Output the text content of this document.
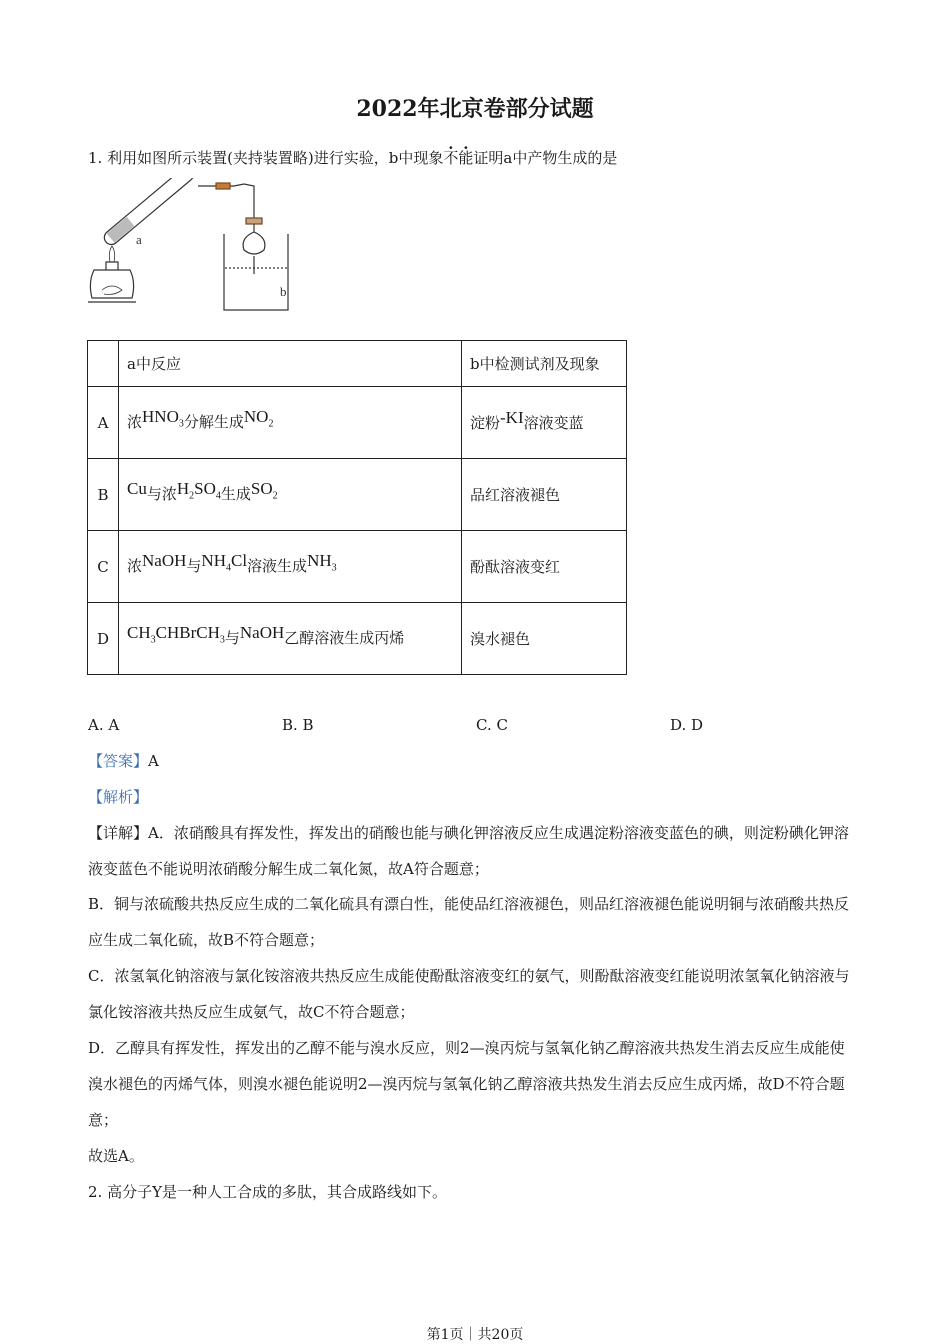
2022年北京卷部分试题
1. 利用如图所示装置(夹持装置略)进行实验，b中现象不能证明a中产物生成的是
a
b
	a中反应	b中检测试剂及现象
A	浓$HNO_3$分解生成$NO_2$	淀粉-KI溶液变蓝
B	Cu与浓$H_2SO_4$生成$SO_2$	品红溶液褪色
C	浓NaOH与$NH_4Cl$溶液生成$NH_3$	酚酞溶液变红
D	$CH_3CHBrCH_3$与NaOH乙醇溶液生成丙烯	溴水褪色
A. A	B. B	C. C	D. D
【答案】A
【解析】
【详解】A．浓硝酸具有挥发性，挥发出的硝酸也能与碘化钾溶液反应生成遇淀粉溶液变蓝色的碘，则淀粉碘化钾溶液变蓝色不能说明浓硝酸分解生成二氧化氮，故A符合题意；
B．铜与浓硫酸共热反应生成的二氧化硫具有漂白性，能使品红溶液褪色，则品红溶液褪色能说明铜与浓硝酸共热反应生成二氧化硫，故B不符合题意；
C．浓氢氧化钠溶液与氯化铵溶液共热反应生成能使酚酞溶液变红的氨气，则酚酞溶液变红能说明浓氢氧化钠溶液与氯化铵溶液共热反应生成氨气，故C不符合题意；
D．乙醇具有挥发性，挥发出的乙醇不能与溴水反应，则2—溴丙烷与氢氧化钠乙醇溶液共热发生消去反应生成能使溴水褪色的丙烯气体，则溴水褪色能说明2—溴丙烷与氢氧化钠乙醇溶液共热发生消去反应生成丙烯，故D不符合题意；
故选A。
2. 高分子Y是一种人工合成的多肽，其合成路线如下。
第1页｜共20页
